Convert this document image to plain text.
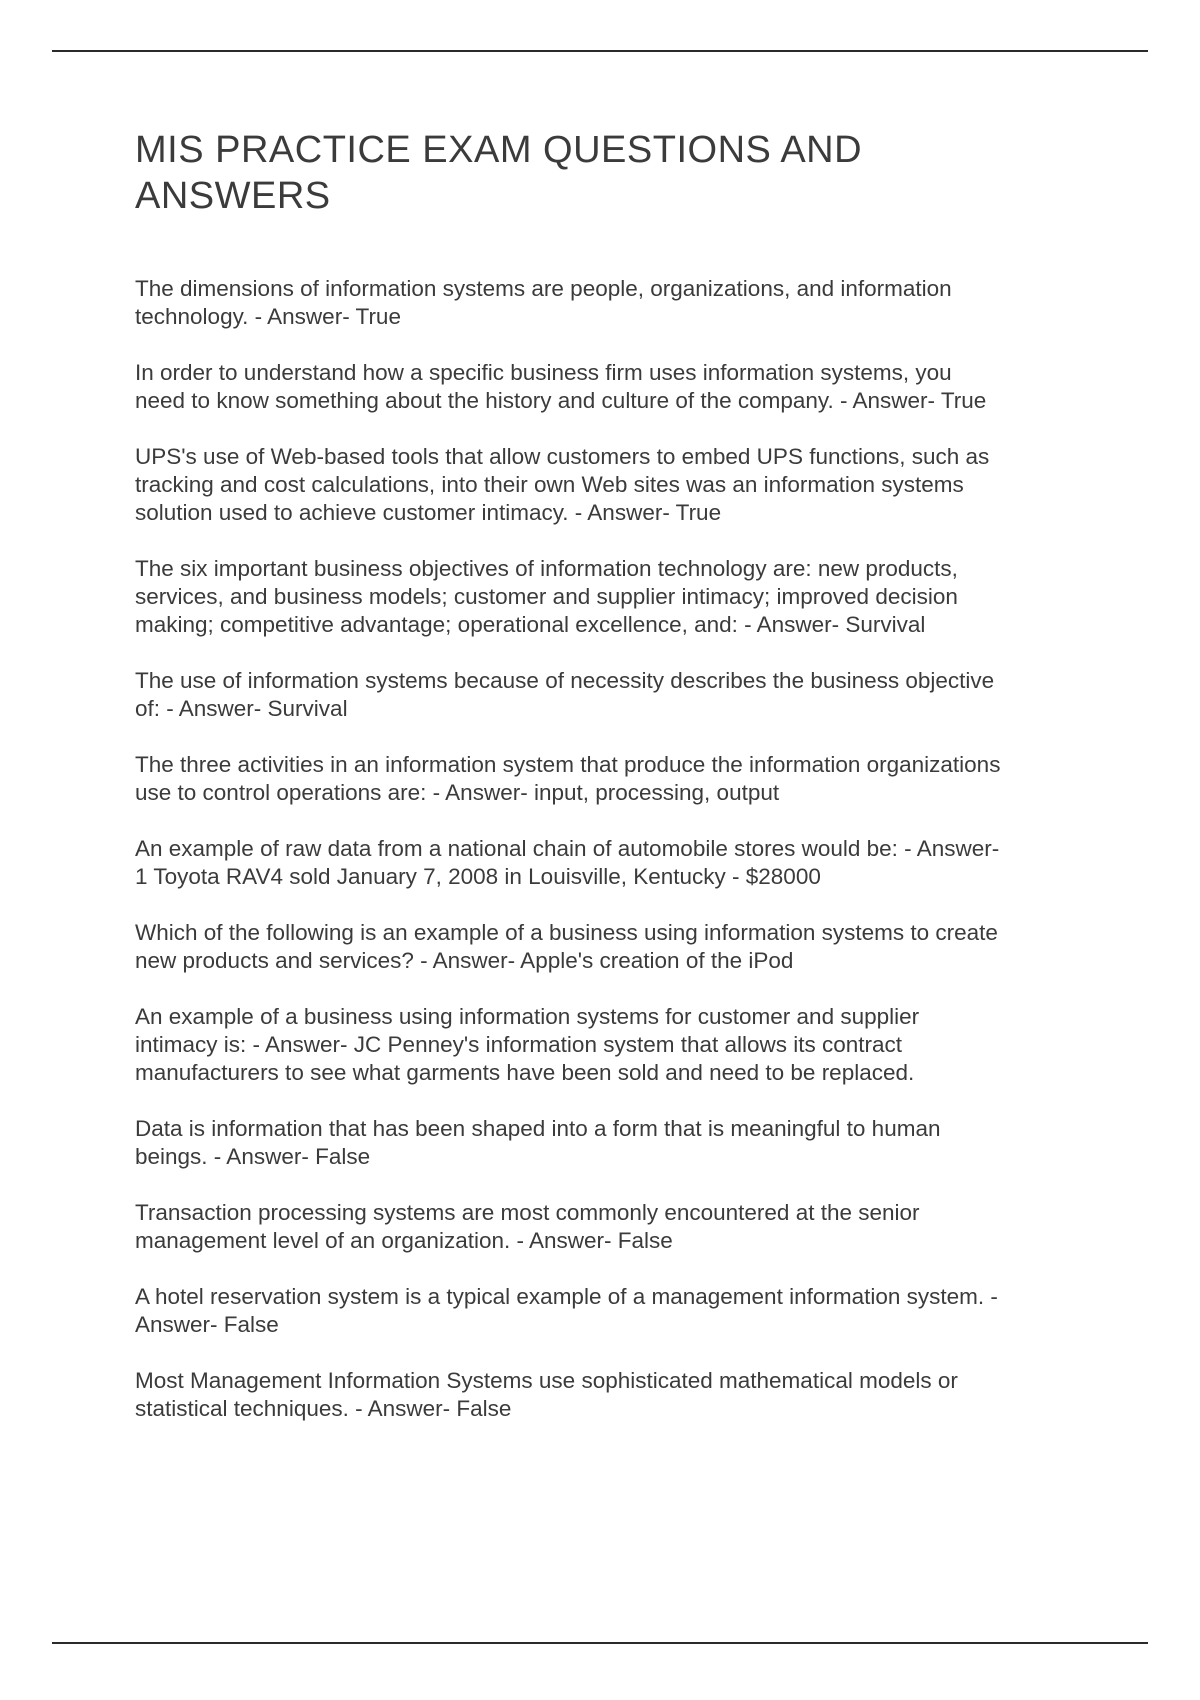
MIS PRACTICE EXAM QUESTIONS AND ANSWERS

The dimensions of information systems are people, organizations, and information technology. - Answer- True

In order to understand how a specific business firm uses information systems, you need to know something about the history and culture of the company. - Answer- True

UPS's use of Web-based tools that allow customers to embed UPS functions, such as tracking and cost calculations, into their own Web sites was an information systems solution used to achieve customer intimacy. - Answer- True

The six important business objectives of information technology are: new products, services, and business models; customer and supplier intimacy; improved decision making; competitive advantage; operational excellence, and: - Answer- Survival

The use of information systems because of necessity describes the business objective of: - Answer- Survival

The three activities in an information system that produce the information organizations use to control operations are: - Answer- input, processing, output

An example of raw data from a national chain of automobile stores would be: - Answer- 1 Toyota RAV4 sold January 7, 2008 in Louisville, Kentucky - $28000

Which of the following is an example of a business using information systems to create new products and services? - Answer- Apple's creation of the iPod

An example of a business using information systems for customer and supplier intimacy is: - Answer- JC Penney's information system that allows its contract manufacturers to see what garments have been sold and need to be replaced.

Data is information that has been shaped into a form that is meaningful to human beings. - Answer- False

Transaction processing systems are most commonly encountered at the senior management level of an organization. - Answer- False

A hotel reservation system is a typical example of a management information system. - Answer- False

Most Management Information Systems use sophisticated mathematical models or statistical techniques. - Answer- False
